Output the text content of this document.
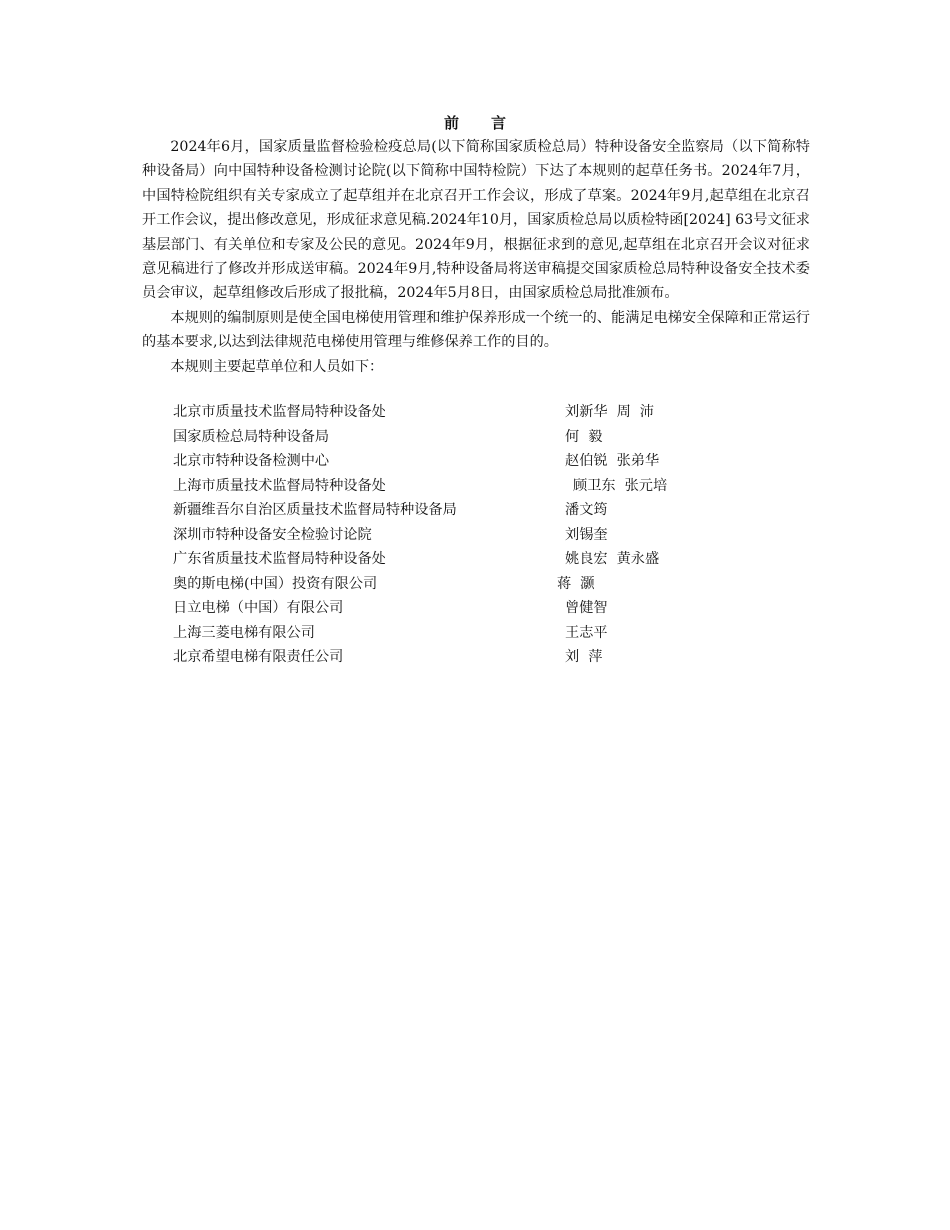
前 言

2024年6月，国家质量监督检验检疫总局(以下简称国家质检总局）特种设备安全监察局（以下简称特种设备局）向中国特种设备检测讨论院(以下简称中国特检院）下达了本规则的起草任务书。2024年7月，中国特检院组织有关专家成立了起草组并在北京召开工作会议，形成了草案。2024年9月,起草组在北京召开工作会议，提出修改意见，形成征求意见稿.2024年10月，国家质检总局以质检特函[2024] 63号文征求基层部门、有关单位和专家及公民的意见。2024年9月，根据征求到的意见,起草组在北京召开会议对征求意见稿进行了修改并形成送审稿。2024年9月,特种设备局将送审稿提交国家质检总局特种设备安全技术委员会审议，起草组修改后形成了报批稿，2024年5月8日，由国家质检总局批准颁布。

本规则的编制原则是使全国电梯使用管理和维护保养形成一个统一的、能满足电梯安全保障和正常运行的基本要求,以达到法律规范电梯使用管理与维修保养工作的目的。

本规则主要起草单位和人员如下：

北京市质量技术监督局特种设备处	刘新华  周  沛
国家质检总局特种设备局	何  毅
北京市特种设备检测中心	赵伯锐  张弟华
上海市质量技术监督局特种设备处	顾卫东  张元培
新疆维吾尔自治区质量技术监督局特种设备局	潘文筠
深圳市特种设备安全检验讨论院	刘锡奎
广东省质量技术监督局特种设备处	姚良宏  黄永盛
奥的斯电梯(中国）投资有限公司	蒋  灏
日立电梯（中国）有限公司	曾健智
上海三菱电梯有限公司	王志平
北京希望电梯有限责任公司	刘  萍
